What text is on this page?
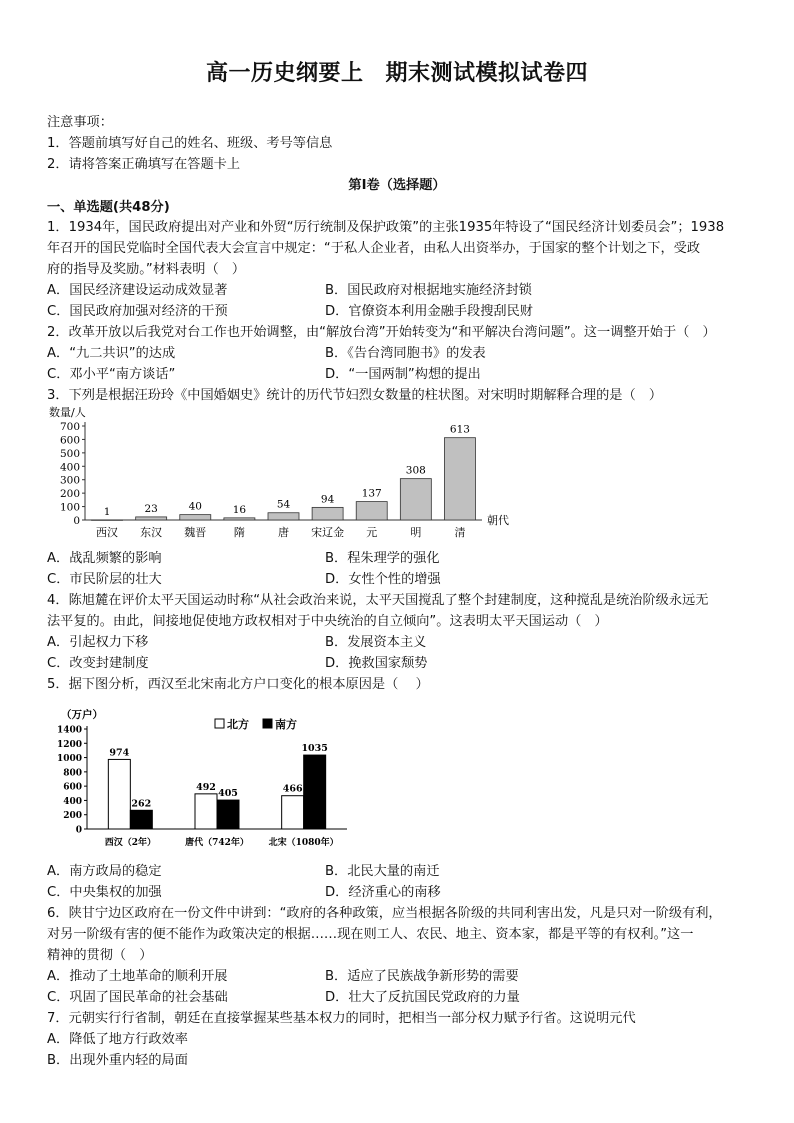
高一历史纲要上 期末测试模拟试卷四
注意事项：
1．答题前填写好自己的姓名、班级、考号等信息
2．请将答案正确填写在答题卡上
第I卷（选择题）
一、单选题(共48分)
1．1934年，国民政府提出对产业和外贸“厉行统制及保护政策”的主张1935年特设了“国民经济计划委员会”；1938
年召开的国民党临时全国代表大会宣言中规定：“于私人企业者，由私人出资举办，于国家的整个计划之下，受政
府的指导及奖励。”材料表明（　）
A．国民经济建设运动成效显著	B．国民政府对根据地实施经济封锁
C．国民政府加强对经济的干预	D．官僚资本利用金融手段搜刮民财
2．改革开放以后我党对台工作也开始调整，由“解放台湾”开始转变为“和平解决台湾问题”。这一调整开始于（　）
A．“九二共识”的达成	B．《告台湾同胞书》的发表
C．邓小平“南方谈话”	D．“一国两制”构想的提出
3．下列是根据汪玢玲《中国婚姻史》统计的历代节妇烈女数量的柱状图。对宋明时期解释合理的是（　）
数量/人
0
100
200
300
400
500
600
700
1
西汉
23
东汉
40
魏晋
16
隋
54
唐
94
宋辽金
137
元
308
明
613
清
朝代
A．战乱频繁的影响	B．程朱理学的强化
C．市民阶层的壮大	D．女性个性的增强
4．陈旭麓在评价太平天国运动时称“从社会政治来说，太平天国搅乱了整个封建制度，这种搅乱是统治阶级永远无
法平复的。由此，间接地促使地方政权相对于中央统治的自立倾向”。这表明太平天国运动（　）
A．引起权力下移	B．发展资本主义
C．改变封建制度	D．挽救国家颓势
5．据下图分析，西汉至北宋南北方户口变化的根本原因是（　 ）
（万户）
北方 南方
0
200
400
600
800
1000
1200
1400
974
262
西汉（2年）
492
405
唐代（742年）
466
1035
北宋（1080年）
A．南方政局的稳定	B．北民大量的南迁
C．中央集权的加强	D．经济重心的南移
6．陕甘宁边区政府在一份文件中讲到：“政府的各种政策，应当根据各阶级的共同利害出发，凡是只对一阶级有利，
对另一阶级有害的便不能作为政策决定的根据……现在则工人、农民、地主、资本家，都是平等的有权利。”这一
精神的贯彻（　）
A．推动了土地革命的顺利开展	B．适应了民族战争新形势的需要
C．巩固了国民革命的社会基础	D．壮大了反抗国民党政府的力量
7．元朝实行行省制，朝廷在直接掌握某些基本权力的同时，把相当一部分权力赋予行省。这说明元代
A．降低了地方行政效率
B．出现外重内轻的局面
